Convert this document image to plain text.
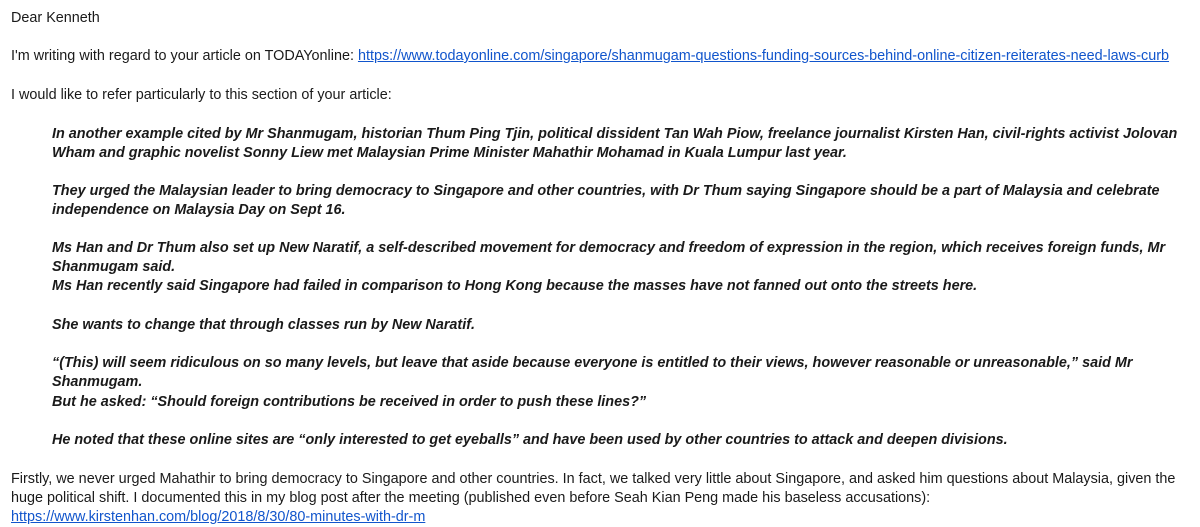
Dear Kenneth
I'm writing with regard to your article on TODAYonline: https://www.todayonline.com/singapore/shanmugam-questions-funding-sources-behind-online-citizen-reiterates-need-laws-curb
I would like to refer particularly to this section of your article:
In another example cited by Mr Shanmugam, historian Thum Ping Tjin, political dissident Tan Wah Piow, freelance journalist Kirsten Han, civil-rights activist Jolovan Wham and graphic novelist Sonny Liew met Malaysian Prime Minister Mahathir Mohamad in Kuala Lumpur last year.
They urged the Malaysian leader to bring democracy to Singapore and other countries, with Dr Thum saying Singapore should be a part of Malaysia and celebrate independence on Malaysia Day on Sept 16.
Ms Han and Dr Thum also set up New Naratif, a self-described movement for democracy and freedom of expression in the region, which receives foreign funds, Mr Shanmugam said.
Ms Han recently said Singapore had failed in comparison to Hong Kong because the masses have not fanned out onto the streets here.
She wants to change that through classes run by New Naratif.
“(This) will seem ridiculous on so many levels, but leave that aside because everyone is entitled to their views, however reasonable or unreasonable,” said Mr Shanmugam.
But he asked: “Should foreign contributions be received in order to push these lines?”
He noted that these online sites are “only interested to get eyeballs” and have been used by other countries to attack and deepen divisions.
Firstly, we never urged Mahathir to bring democracy to Singapore and other countries. In fact, we talked very little about Singapore, and asked him questions about Malaysia, given the huge political shift. I documented this in my blog post after the meeting (published even before Seah Kian Peng made his baseless accusations): https://www.kirstenhan.com/blog/2018/8/30/80-minutes-with-dr-m
